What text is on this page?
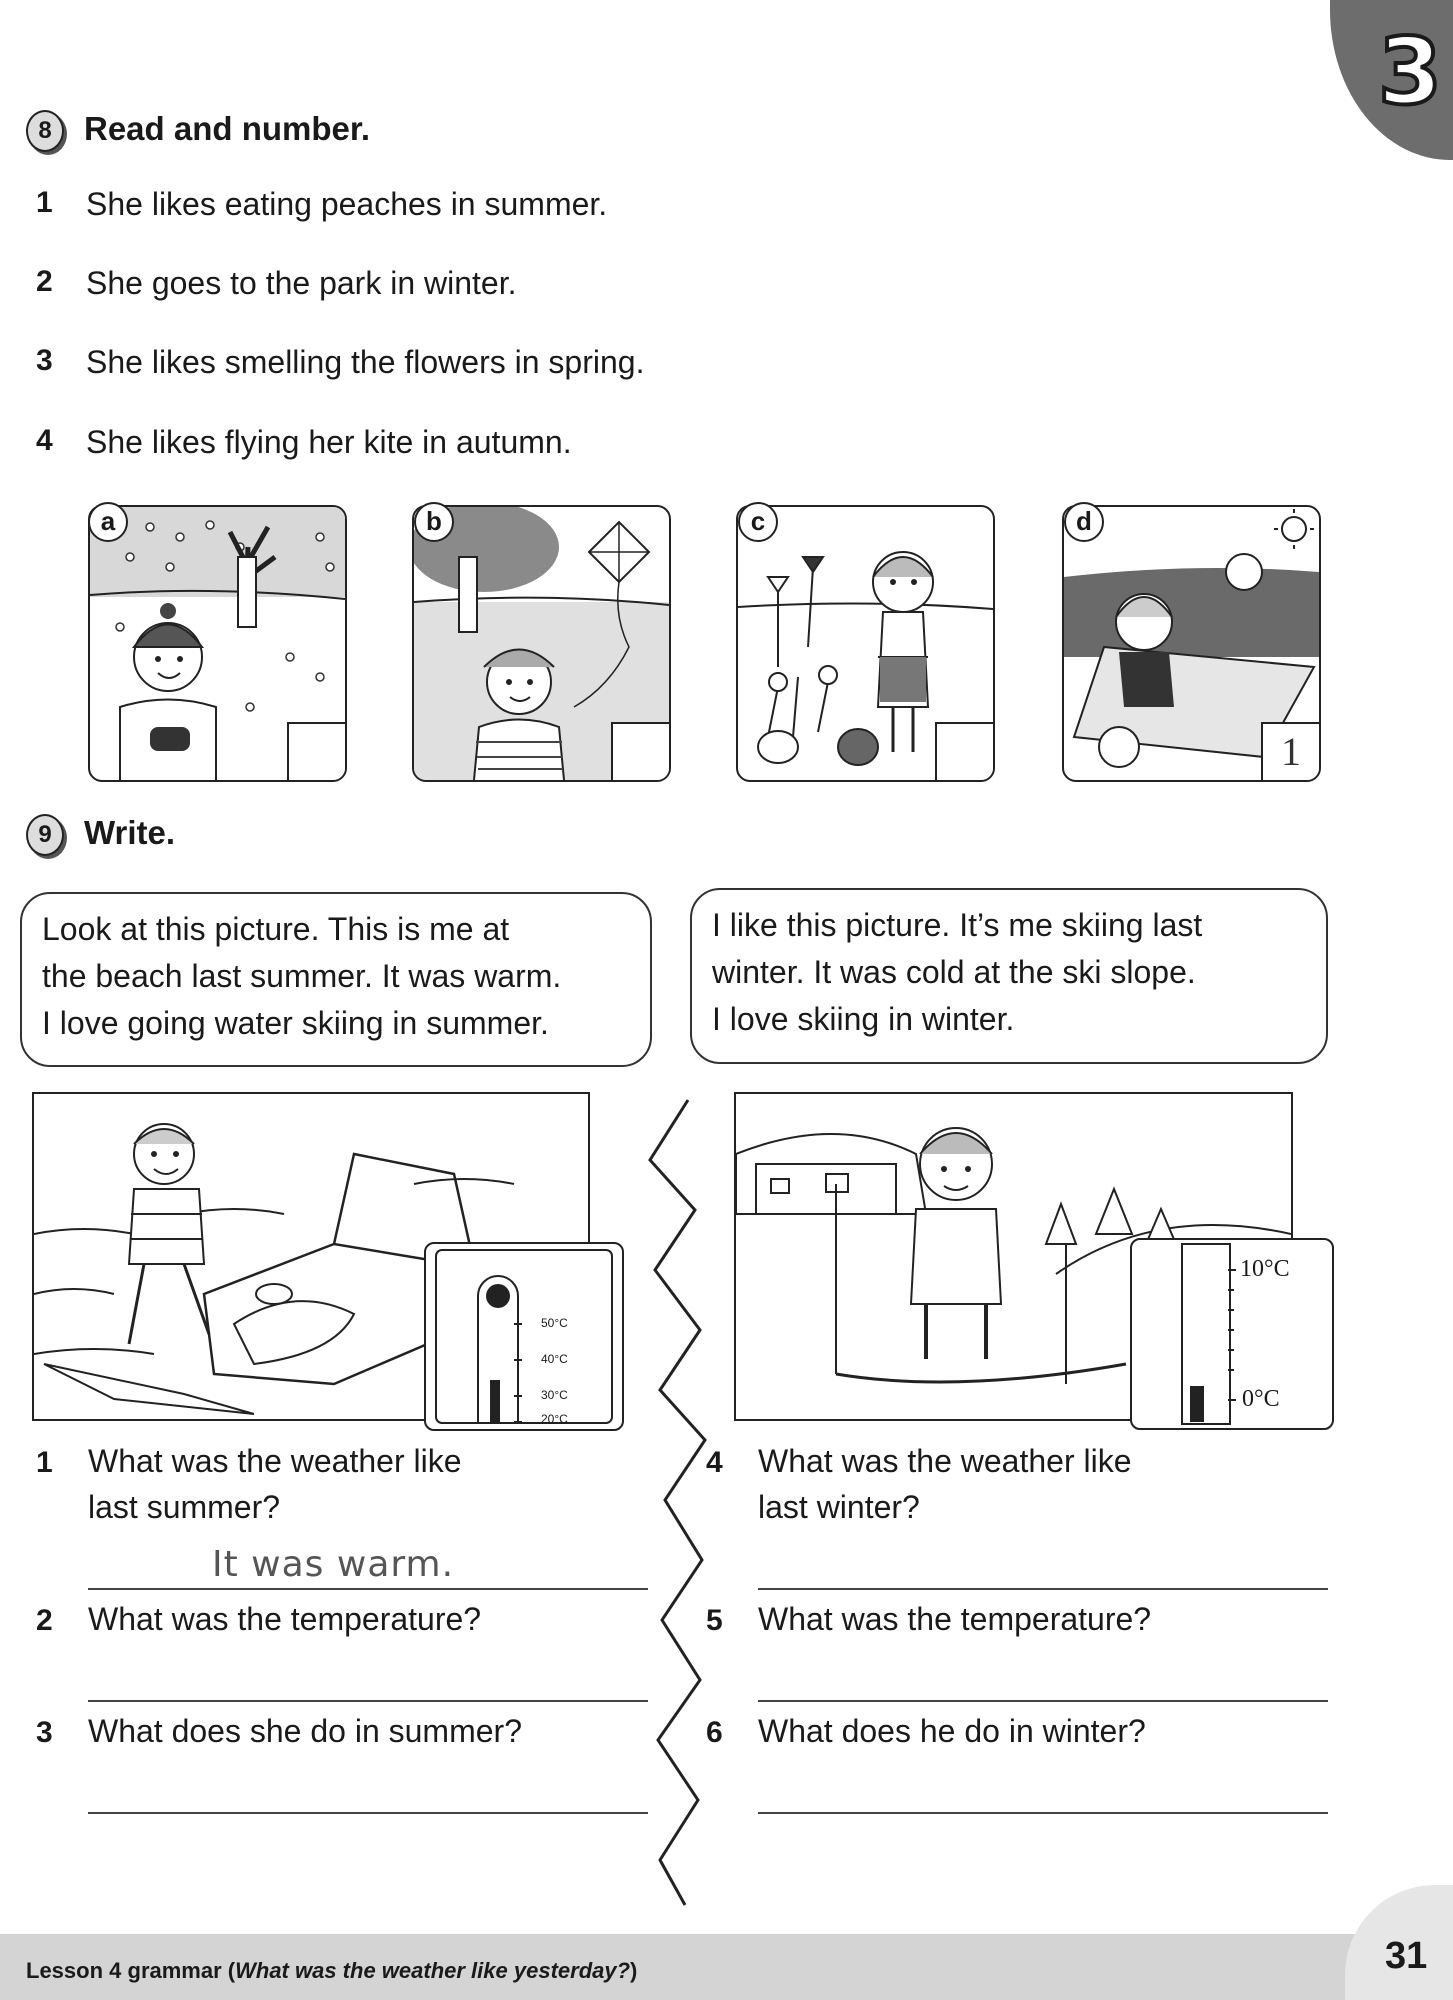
3
8 Read and number.
1 She likes eating peaches in summer.
2 She goes to the park in winter.
3 She likes smelling the flowers in spring.
4 She likes flying her kite in autumn.
a	b	c
1
d
9 Write.
Look at this picture. This is me at
the beach last summer. It was warm.
I love going water skiing in summer.
I like this picture. It’s me skiing last
winter. It was cold at the ski slope.
I love skiing in winter.
50°C
40°C
30°C
20°C
10°C
0°C
1 What was the weather like
last summer?
It was warm.
2 What was the temperature?
3 What does she do in summer?
4 What was the weather like
last winter?
5 What was the temperature?
6 What does he do in winter?
Lesson 4 grammar (What was the weather like yesterday?)	31
